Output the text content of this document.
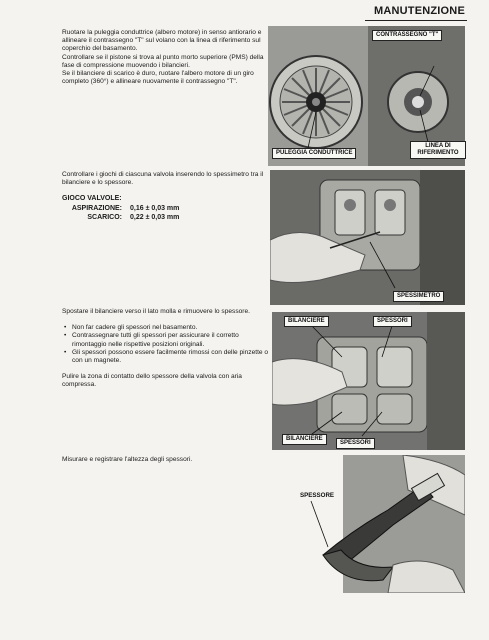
MANUTENZIONE

Ruotare la puleggia conduttrice (albero motore) in senso antiorario e allineare il contrassegno "T" sul volano con la linea di riferimento sul coperchio del basamento.

Controllare se il pistone si trova al punto morto superiore (PMS) della fase di compressione muovendo i bilancieri.

Se il bilanciere di scarico è duro, ruotare l'albero motore di un giro completo (360°) e allineare nuovamente il contrassegno "T".

CONTRASSEGNO "T"
PULEGGIA CONDUTTRICE
LINEA DI RIFERIMENTO
Controllare i giochi di ciascuna valvola inserendo lo spessimetro tra il bilanciere e lo spessore.
GIOCO VALVOLE:
ASPIRAZIONE:	0,16 ± 0,03 mm
SCARICO:	0,22 ± 0,03 mm
SPESSIMETRO

Spostare il bilanciere verso il lato molla e rimuovere lo spessore.

• Non far cadere gli spessori nel basamento.
• Contrassegnare tutti gli spessori per assicurare il corretto rimontaggio nelle rispettive posizioni originali.
• Gli spessori possono essere facilmente rimossi con delle pinzette o con un magnete.

Pulire la zona di contatto dello spessore della valvola con aria compressa.

BILANCIERE	SPESSORI
BILANCIERE
SPESSORI
Misurare e registrare l'altezza degli spessori.
SPESSORE
